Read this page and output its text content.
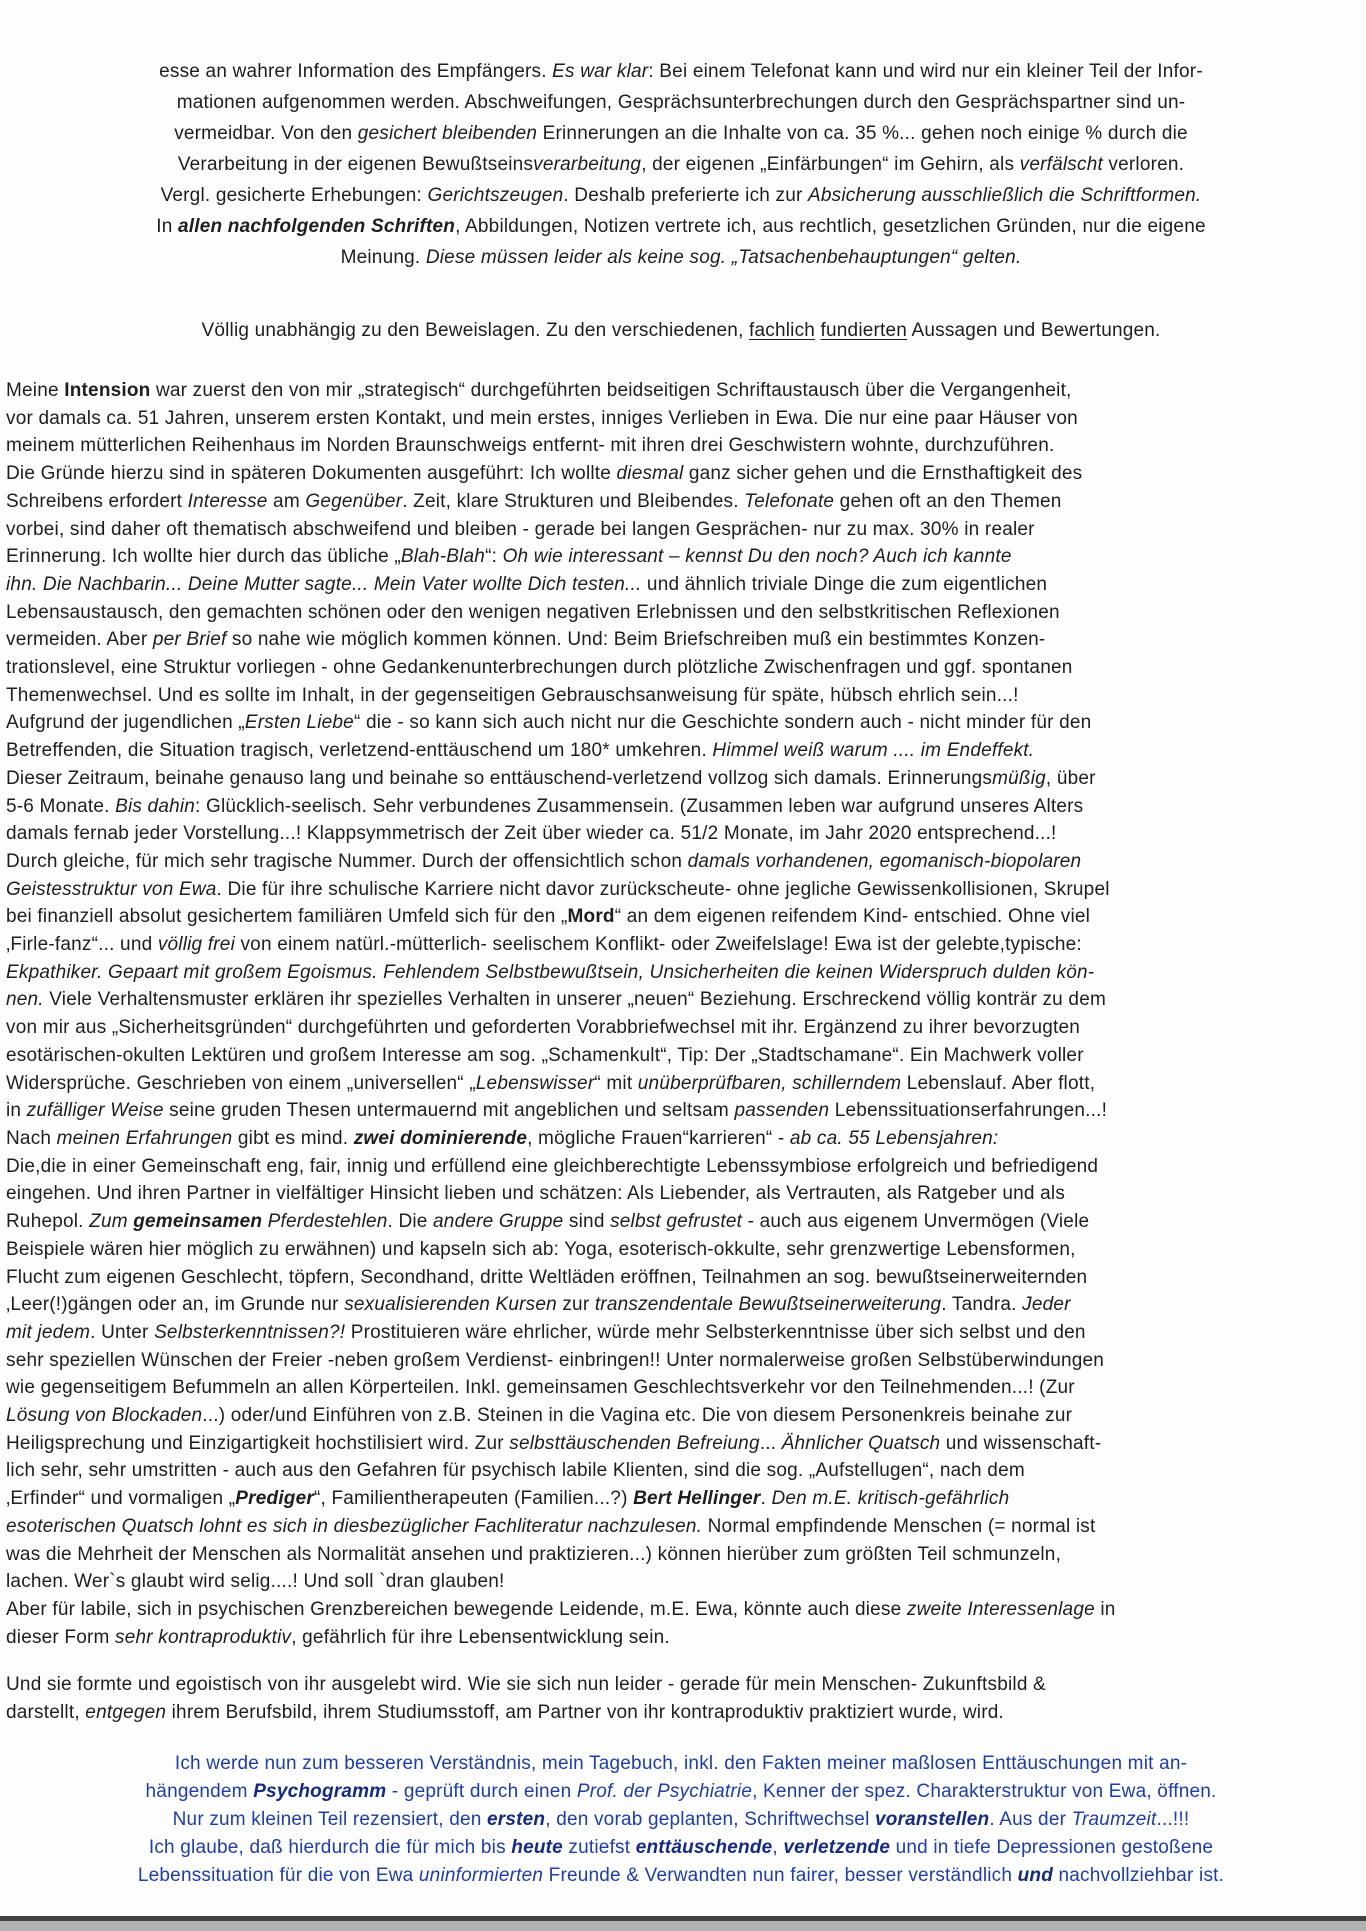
esse an wahrer Information des Empfängers. Es war klar: Bei einem Telefonat kann und wird nur ein kleiner Teil der Infor-
mationen aufgenommen werden. Abschweifungen, Gesprächsunterbrechungen durch den Gesprächspartner sind un-
vermeidbar. Von den gesichert bleibenden Erinnerungen an die Inhalte von ca. 35 %... gehen noch einige % durch die
Verarbeitung in der eigenen Bewußtseinsverarbeitung, der eigenen „Einfärbungen“ im Gehirn, als verfälscht verloren.
Vergl. gesicherte Erhebungen: Gerichtszeugen. Deshalb preferierte ich zur Absicherung ausschließlich die Schriftformen.
In allen nachfolgenden Schriften, Abbildungen, Notizen vertrete ich, aus rechtlich, gesetzlichen Gründen, nur die eigene
Meinung. Diese müssen leider als keine sog. „Tatsachenbehauptungen“ gelten.
Völlig unabhängig zu den Beweislagen. Zu den verschiedenen, fachlich fundierten Aussagen und Bewertungen.
Meine Intension war zuerst den von mir „strategisch“ durchgeführten beidseitigen Schriftaustausch über die Vergangenheit,
vor damals ca. 51 Jahren, unserem ersten Kontakt, und mein erstes, inniges Verlieben in Ewa. Die nur eine paar Häuser von
meinem mütterlichen Reihenhaus im Norden Braunschweigs entfernt- mit ihren drei Geschwistern wohnte, durchzuführen.
Die Gründe hierzu sind in späteren Dokumenten ausgeführt: Ich wollte diesmal ganz sicher gehen und die Ernsthaftigkeit des
Schreibens erfordert Interesse am Gegenüber. Zeit, klare Strukturen und Bleibendes. Telefonate gehen oft an den Themen
vorbei, sind daher oft thematisch abschweifend und bleiben - gerade bei langen Gesprächen- nur zu max. 30% in realer
Erinnerung. Ich wollte hier durch das übliche „Blah-Blah“: Oh wie interessant – kennst Du den noch? Auch ich kannte
ihn. Die Nachbarin... Deine Mutter sagte... Mein Vater wollte Dich testen... und ähnlich triviale Dinge die zum eigentlichen
Lebensaustausch, den gemachten schönen oder den wenigen negativen Erlebnissen und den selbstkritischen Reflexionen
vermeiden. Aber per Brief so nahe wie möglich kommen können. Und: Beim Briefschreiben muß ein bestimmtes Konzen-
trationslevel, eine Struktur vorliegen - ohne Gedankenunterbrechungen durch plötzliche Zwischenfragen und ggf. spontanen
Themenwechsel. Und es sollte im Inhalt, in der gegenseitigen Gebrauschsanweisung für späte, hübsch ehrlich sein...!
Aufgrund der jugendlichen „Ersten Liebe“ die - so kann sich auch nicht nur die Geschichte sondern auch - nicht minder für den
Betreffenden, die Situation tragisch, verletzend-enttäuschend um 180* umkehren. Himmel weiß warum .... im Endeffekt.
Dieser Zeitraum, beinahe genauso lang und beinahe so enttäuschend-verletzend vollzog sich damals. Erinnerungsmüßig, über
5-6 Monate. Bis dahin: Glücklich-seelisch. Sehr verbundenes Zusammensein. (Zusammen leben war aufgrund unseres Alters
damals fernab jeder Vorstellung...! Klappsymmetrisch der Zeit über wieder ca. 51/2 Monate, im Jahr 2020 entsprechend...!
Durch gleiche, für mich sehr tragische Nummer. Durch der offensichtlich schon damals vorhandenen, egomanisch-biopolaren
Geistesstruktur von Ewa. Die für ihre schulische Karriere nicht davor zurückscheute- ohne jegliche Gewissenkollisionen, Skrupel
bei finanziell absolut gesichertem familiären Umfeld sich für den „Mord“ an dem eigenen reifendem Kind- entschied. Ohne viel
‚Firle-fanz“... und völlig frei von einem natürl.-mütterlich- seelischem Konflikt- oder Zweifelslage! Ewa ist der gelebte,typische:
Ekpathiker. Gepaart mit großem Egoismus. Fehlendem Selbstbewußtsein, Unsicherheiten die keinen Widerspruch dulden kön-
nen. Viele Verhaltensmuster erklären ihr spezielles Verhalten in unserer „neuen“ Beziehung. Erschreckend völlig konträr zu dem
von mir aus „Sicherheitsgründen“ durchgeführten und geforderten Vorabbriefwechsel mit ihr. Ergänzend zu ihrer bevorzugten
esotärischen-okulten Lektüren und großem Interesse am sog. „Schamenkult“, Tip: Der „Stadtschamane“. Ein Machwerk voller
Widersprüche. Geschrieben von einem „universellen“ „Lebenswisser“ mit unüberprüfbaren, schillerndem Lebenslauf. Aber flott,
in zufälliger Weise seine gruden Thesen untermauernd mit angeblichen und seltsam passenden Lebenssituationserfahrungen...!
Nach meinen Erfahrungen gibt es mind. zwei dominierende, mögliche Frauen“karrieren“ - ab ca. 55 Lebensjahren:
Die,die in einer Gemeinschaft eng, fair, innig und erfüllend eine gleichberechtigte Lebenssymbiose erfolgreich und befriedigend
eingehen. Und ihren Partner in vielfältiger Hinsicht lieben und schätzen: Als Liebender, als Vertrauten, als Ratgeber und als
Ruhepol. Zum gemeinsamen Pferdestehlen. Die andere Gruppe sind selbst gefrustet - auch aus eigenem Unvermögen (Viele
Beispiele wären hier möglich zu erwähnen) und kapseln sich ab: Yoga, esoterisch-okkulte, sehr grenzwertige Lebensformen,
Flucht zum eigenen Geschlecht, töpfern, Secondhand, dritte Weltläden eröffnen, Teilnahmen an sog. bewußtseinerweiternden
‚Leer(!)gängen oder an, im Grunde nur sexualisierenden Kursen zur transzendentale Bewußtseinerweiterung. Tandra. Jeder
mit jedem. Unter Selbsterkenntnissen?! Prostituieren wäre ehrlicher, würde mehr Selbsterkenntnisse über sich selbst und den
sehr speziellen Wünschen der Freier -neben großem Verdienst- einbringen!! Unter normalerweise großen Selbstüberwindungen
wie gegenseitigem Befummeln an allen Körperteilen. Inkl. gemeinsamen Geschlechtsverkehr vor den Teilnehmenden...! (Zur
Lösung von Blockaden...) oder/und Einführen von z.B. Steinen in die Vagina etc. Die von diesem Personenkreis beinahe zur
Heiligsprechung und Einzigartigkeit hochstilisiert wird. Zur selbsttäuschenden Befreiung... Ähnlicher Quatsch und wissenschaft-
lich sehr, sehr umstritten - auch aus den Gefahren für psychisch labile Klienten, sind die sog. „Aufstellugen“, nach dem
‚Erfinder“ und vormaligen „Prediger“, Familientherapeuten (Familien...?) Bert Hellinger. Den m.E. kritisch-gefährlich
esoterischen Quatsch lohnt es sich in diesbezüglicher Fachliteratur nachzulesen. Normal empfindende Menschen (= normal ist
was die Mehrheit der Menschen als Normalität ansehen und praktizieren...) können hierüber zum größten Teil schmunzeln,
lachen. Wer`s glaubt wird selig....! Und soll `dran glauben!
Aber für labile, sich in psychischen Grenzbereichen bewegende Leidende, m.E. Ewa, könnte auch diese zweite Interessenlage in
dieser Form sehr kontraproduktiv, gefährlich für ihre Lebensentwicklung sein.
Und sie formte und egoistisch von ihr ausgelebt wird. Wie sie sich nun leider - gerade für mein Menschen- Zukunftsbild &
darstellt, entgegen ihrem Berufsbild, ihrem Studiumsstoff, am Partner von ihr kontraproduktiv praktiziert wurde, wird.
Ich werde nun zum besseren Verständnis, mein Tagebuch, inkl. den Fakten meiner maßlosen Enttäuschungen mit an-
hängendem Psychogramm - geprüft durch einen Prof. der Psychiatrie, Kenner der spez. Charakterstruktur von Ewa, öffnen.
Nur zum kleinen Teil rezensiert, den ersten, den vorab geplanten, Schriftwechsel voranstellen. Aus der Traumzeit...!!!
Ich glaube, daß hierdurch die für mich bis heute zutiefst enttäuschende, verletzende und in tiefe Depressionen gestoßene
Lebenssituation für die von Ewa uninformierten Freunde & Verwandten nun fairer, besser verständlich und nachvollziehbar ist.
